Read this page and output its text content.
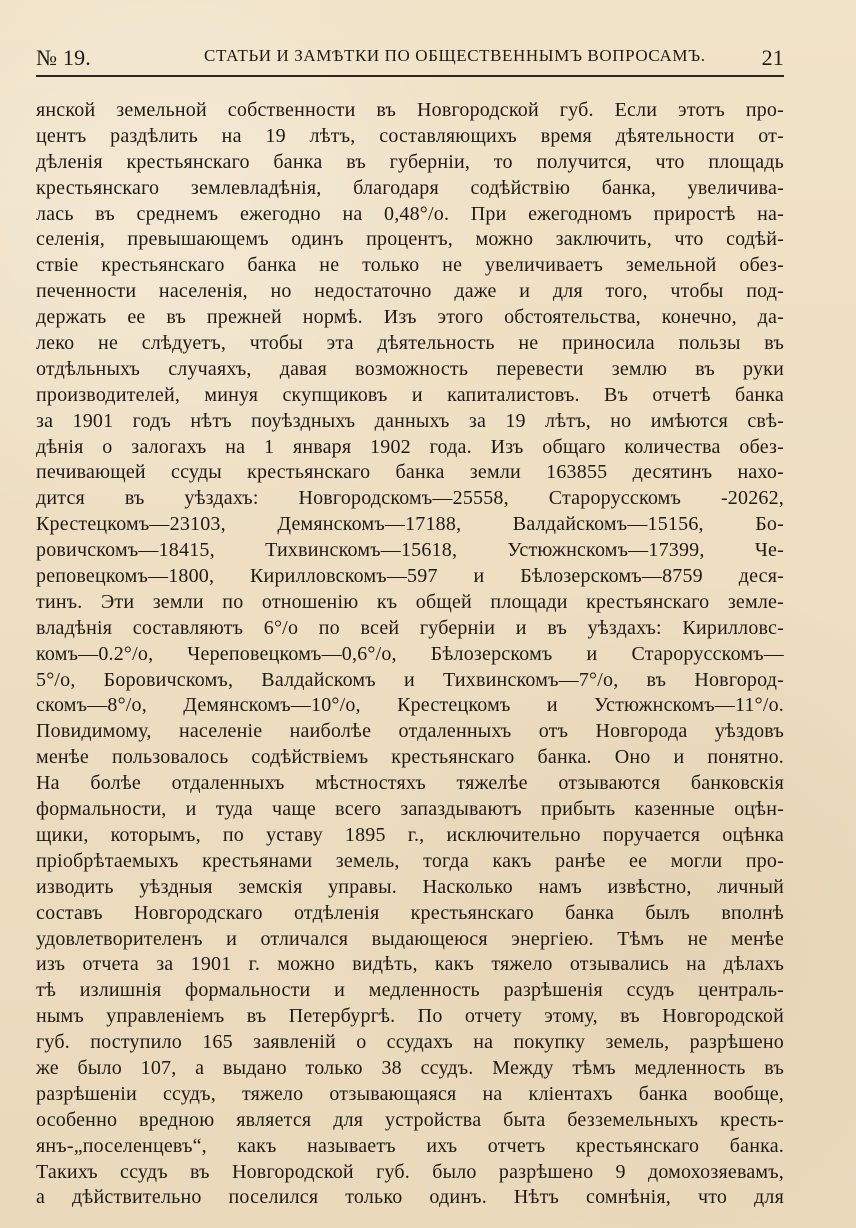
№ 19.	СТАТЬИ И ЗАМѢТКИ ПО ОБЩЕСТВЕННЫМЪ ВОПРОСАМЪ.	21
янской земельной собственности въ Новгородской губ. Если этотъ про-
центъ раздѣлить на 19 лѣтъ, составляющихъ время дѣятельности от-
дѣленія крестьянскаго банка въ губерніи, то получится, что площадь
крестьянскаго землевладѣнія, благодаря содѣйствію банка, увеличива-
лась въ среднемъ ежегодно на 0,48°/о. При ежегодномъ приростѣ на-
селенія, превышающемъ одинъ процентъ, можно заключить, что содѣй-
ствіе крестьянскаго банка не только не увеличиваетъ земельной обез-
печенности населенія, но недостаточно даже и для того, чтобы под-
держать ее въ прежней нормѣ. Изъ этого обстоятельства, конечно, да-
леко не слѣдуетъ, чтобы эта дѣятельность не приносила пользы въ
отдѣльныхъ случаяхъ, давая возможность перевести землю въ руки
производителей, минуя скупщиковъ и капиталистовъ. Въ отчетѣ банка
за 1901 годъ нѣтъ поуѣздныхъ данныхъ за 19 лѣтъ, но имѣются свѣ-
дѣнія о залогахъ на 1 января 1902 года. Изъ общаго количества обез-
печивающей ссуды крестьянскаго банка земли 163855 десятинъ нахо-
дится въ уѣздахъ: Новгородскомъ—25558, Старорусскомъ -20262,
Крестецкомъ—23103, Демянскомъ—17188, Валдайскомъ—15156, Бо-
ровичскомъ—18415, Тихвинскомъ—15618, Устюжнскомъ—17399, Че-
реповецкомъ—1800, Кирилловскомъ—597 и Бѣлозерскомъ—8759 деся-
тинъ. Эти земли по отношенію къ общей площади крестьянскаго земле-
владѣнія составляютъ 6°/о по всей губерніи и въ уѣздахъ: Кирилловс-
комъ—0.2°/о, Череповецкомъ—0,6°/о, Бѣлозерскомъ и Старорусскомъ—
5°/о, Боровичскомъ, Валдайскомъ и Тихвинскомъ—7°/о, въ Новгород-
скомъ—8°/о, Демянскомъ—10°/о, Крестецкомъ и Устюжнскомъ—11°/о.
Повидимому, населеніе наиболѣе отдаленныхъ отъ Новгорода уѣздовъ
менѣе пользовалось содѣйствіемъ крестьянскаго банка. Оно и понятно.
На болѣе отдаленныхъ мѣстностяхъ тяжелѣе отзываются банковскія
формальности, и туда чаще всего запаздываютъ прибыть казенные оцѣн-
щики, которымъ, по уставу 1895 г., исключительно поручается оцѣнка
пріобрѣтаемыхъ крестьянами земель, тогда какъ ранѣе ее могли про-
изводить уѣздныя земскія управы. Насколько намъ извѣстно, личный
составъ Новгородскаго отдѣленія крестьянскаго банка былъ вполнѣ
удовлетворителенъ и отличался выдающеюся энергіею. Тѣмъ не менѣе
изъ отчета за 1901 г. можно видѣть, какъ тяжело отзывались на дѣлахъ
тѣ излишнія формальности и медленность разрѣшенія ссудъ централь-
нымъ управленіемъ въ Петербургѣ. По отчету этому, въ Новгородской
губ. поступило 165 заявленій о ссудахъ на покупку земель, разрѣшено
же было 107, а выдано только 38 ссудъ. Между тѣмъ медленность въ
разрѣшеніи ссудъ, тяжело отзывающаяся на кліентахъ банка вообще,
особенно вредною является для устройства быта безземельныхъ кресть-
янъ-„поселенцевъ“, какъ называетъ ихъ отчетъ крестьянскаго банка.
Такихъ ссудъ въ Новгородской губ. было разрѣшено 9 домохозяевамъ,
а дѣйствительно поселился только одинъ. Нѣтъ сомнѣнія, что для
